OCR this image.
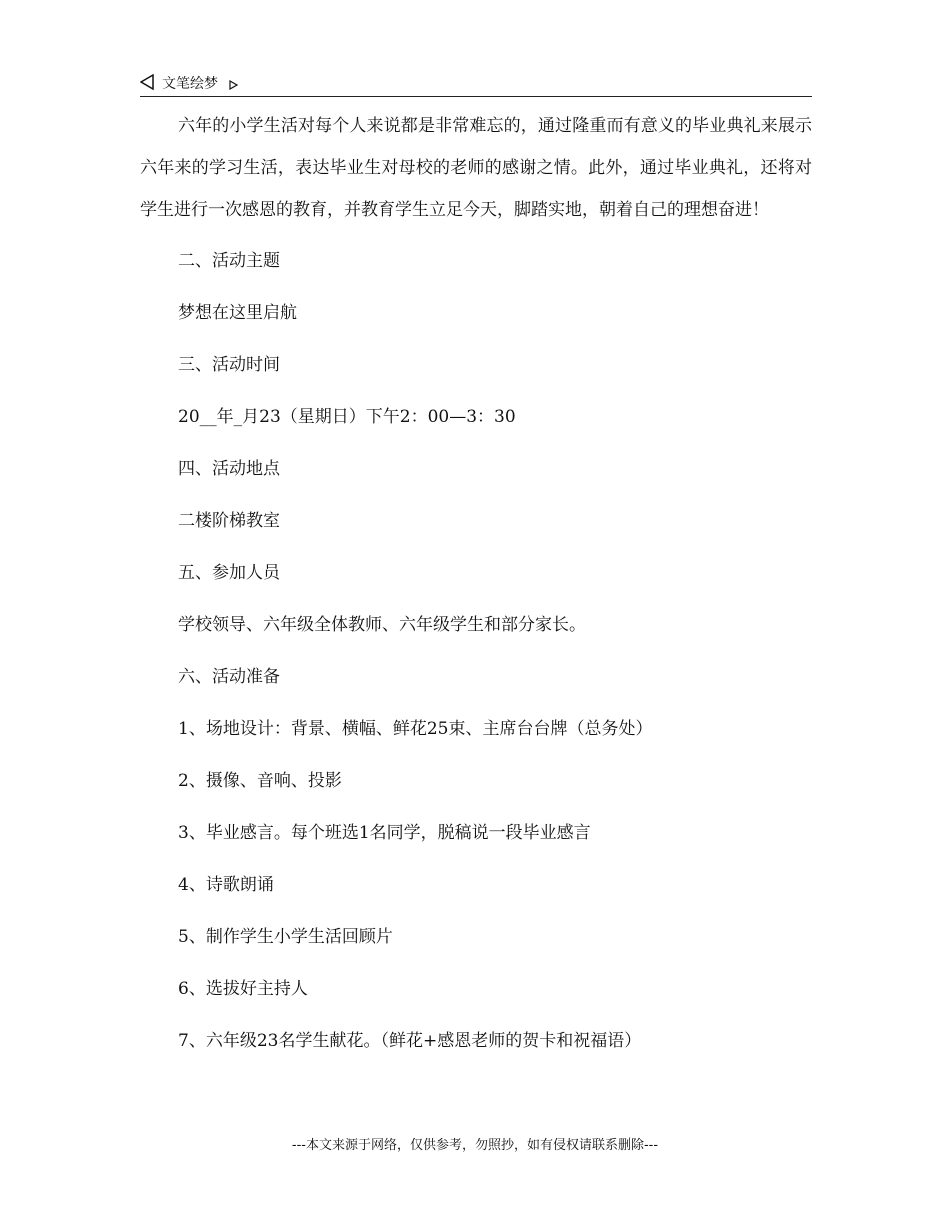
文笔绘梦

六年的小学生活对每个人来说都是非常难忘的，通过隆重而有意义的毕业典礼来展示六年来的学习生活，表达毕业生对母校的老师的感谢之情。此外，通过毕业典礼，还将对学生进行一次感恩的教育，并教育学生立足今天，脚踏实地，朝着自己的理想奋进！

二、活动主题

梦想在这里启航

三、活动时间

20__年_月23（星期日）下午2：00—3：30

四、活动地点

二楼阶梯教室

五、参加人员

学校领导、六年级全体教师、六年级学生和部分家长。

六、活动准备

1、场地设计：背景、横幅、鲜花25束、主席台台牌（总务处）

2、摄像、音响、投影

3、毕业感言。每个班选1名同学，脱稿说一段毕业感言

4、诗歌朗诵

5、制作学生小学生活回顾片

6、选拔好主持人

7、六年级23名学生献花。（鲜花+感恩老师的贺卡和祝福语）

---本文来源于网络，仅供参考，勿照抄，如有侵权请联系删除---
